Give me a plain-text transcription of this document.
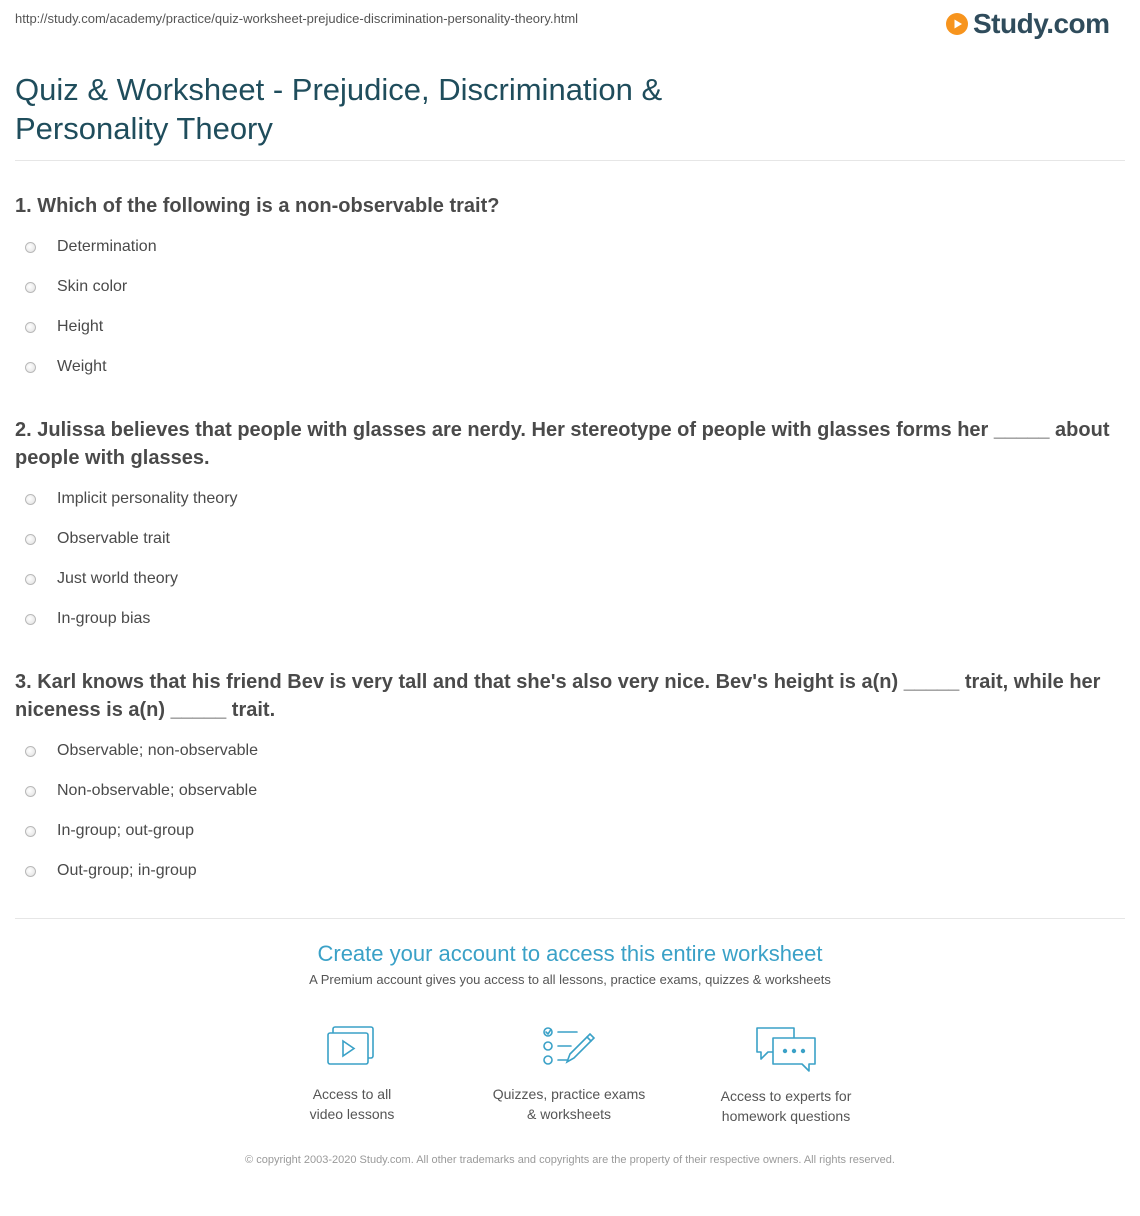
http://study.com/academy/practice/quiz-worksheet-prejudice-discrimination-personality-theory.html	Study.com
Quiz & Worksheet - Prejudice, Discrimination & Personality Theory
1. Which of the following is a non-observable trait?
Determination
Skin color
Height
Weight
2. Julissa believes that people with glasses are nerdy. Her stereotype of people with glasses forms her _____ about people with glasses.
Implicit personality theory
Observable trait
Just world theory
In-group bias
3. Karl knows that his friend Bev is very tall and that she's also very nice. Bev's height is a(n) _____ trait, while her niceness is a(n) _____ trait.
Observable; non-observable
Non-observable; observable
In-group; out-group
Out-group; in-group
Create your account to access this entire worksheet
A Premium account gives you access to all lessons, practice exams, quizzes & worksheets
Access to all
video lessons
Quizzes, practice exams
& worksheets
Access to experts for
homework questions
© copyright 2003-2020 Study.com. All other trademarks and copyrights are the property of their respective owners. All rights reserved.
